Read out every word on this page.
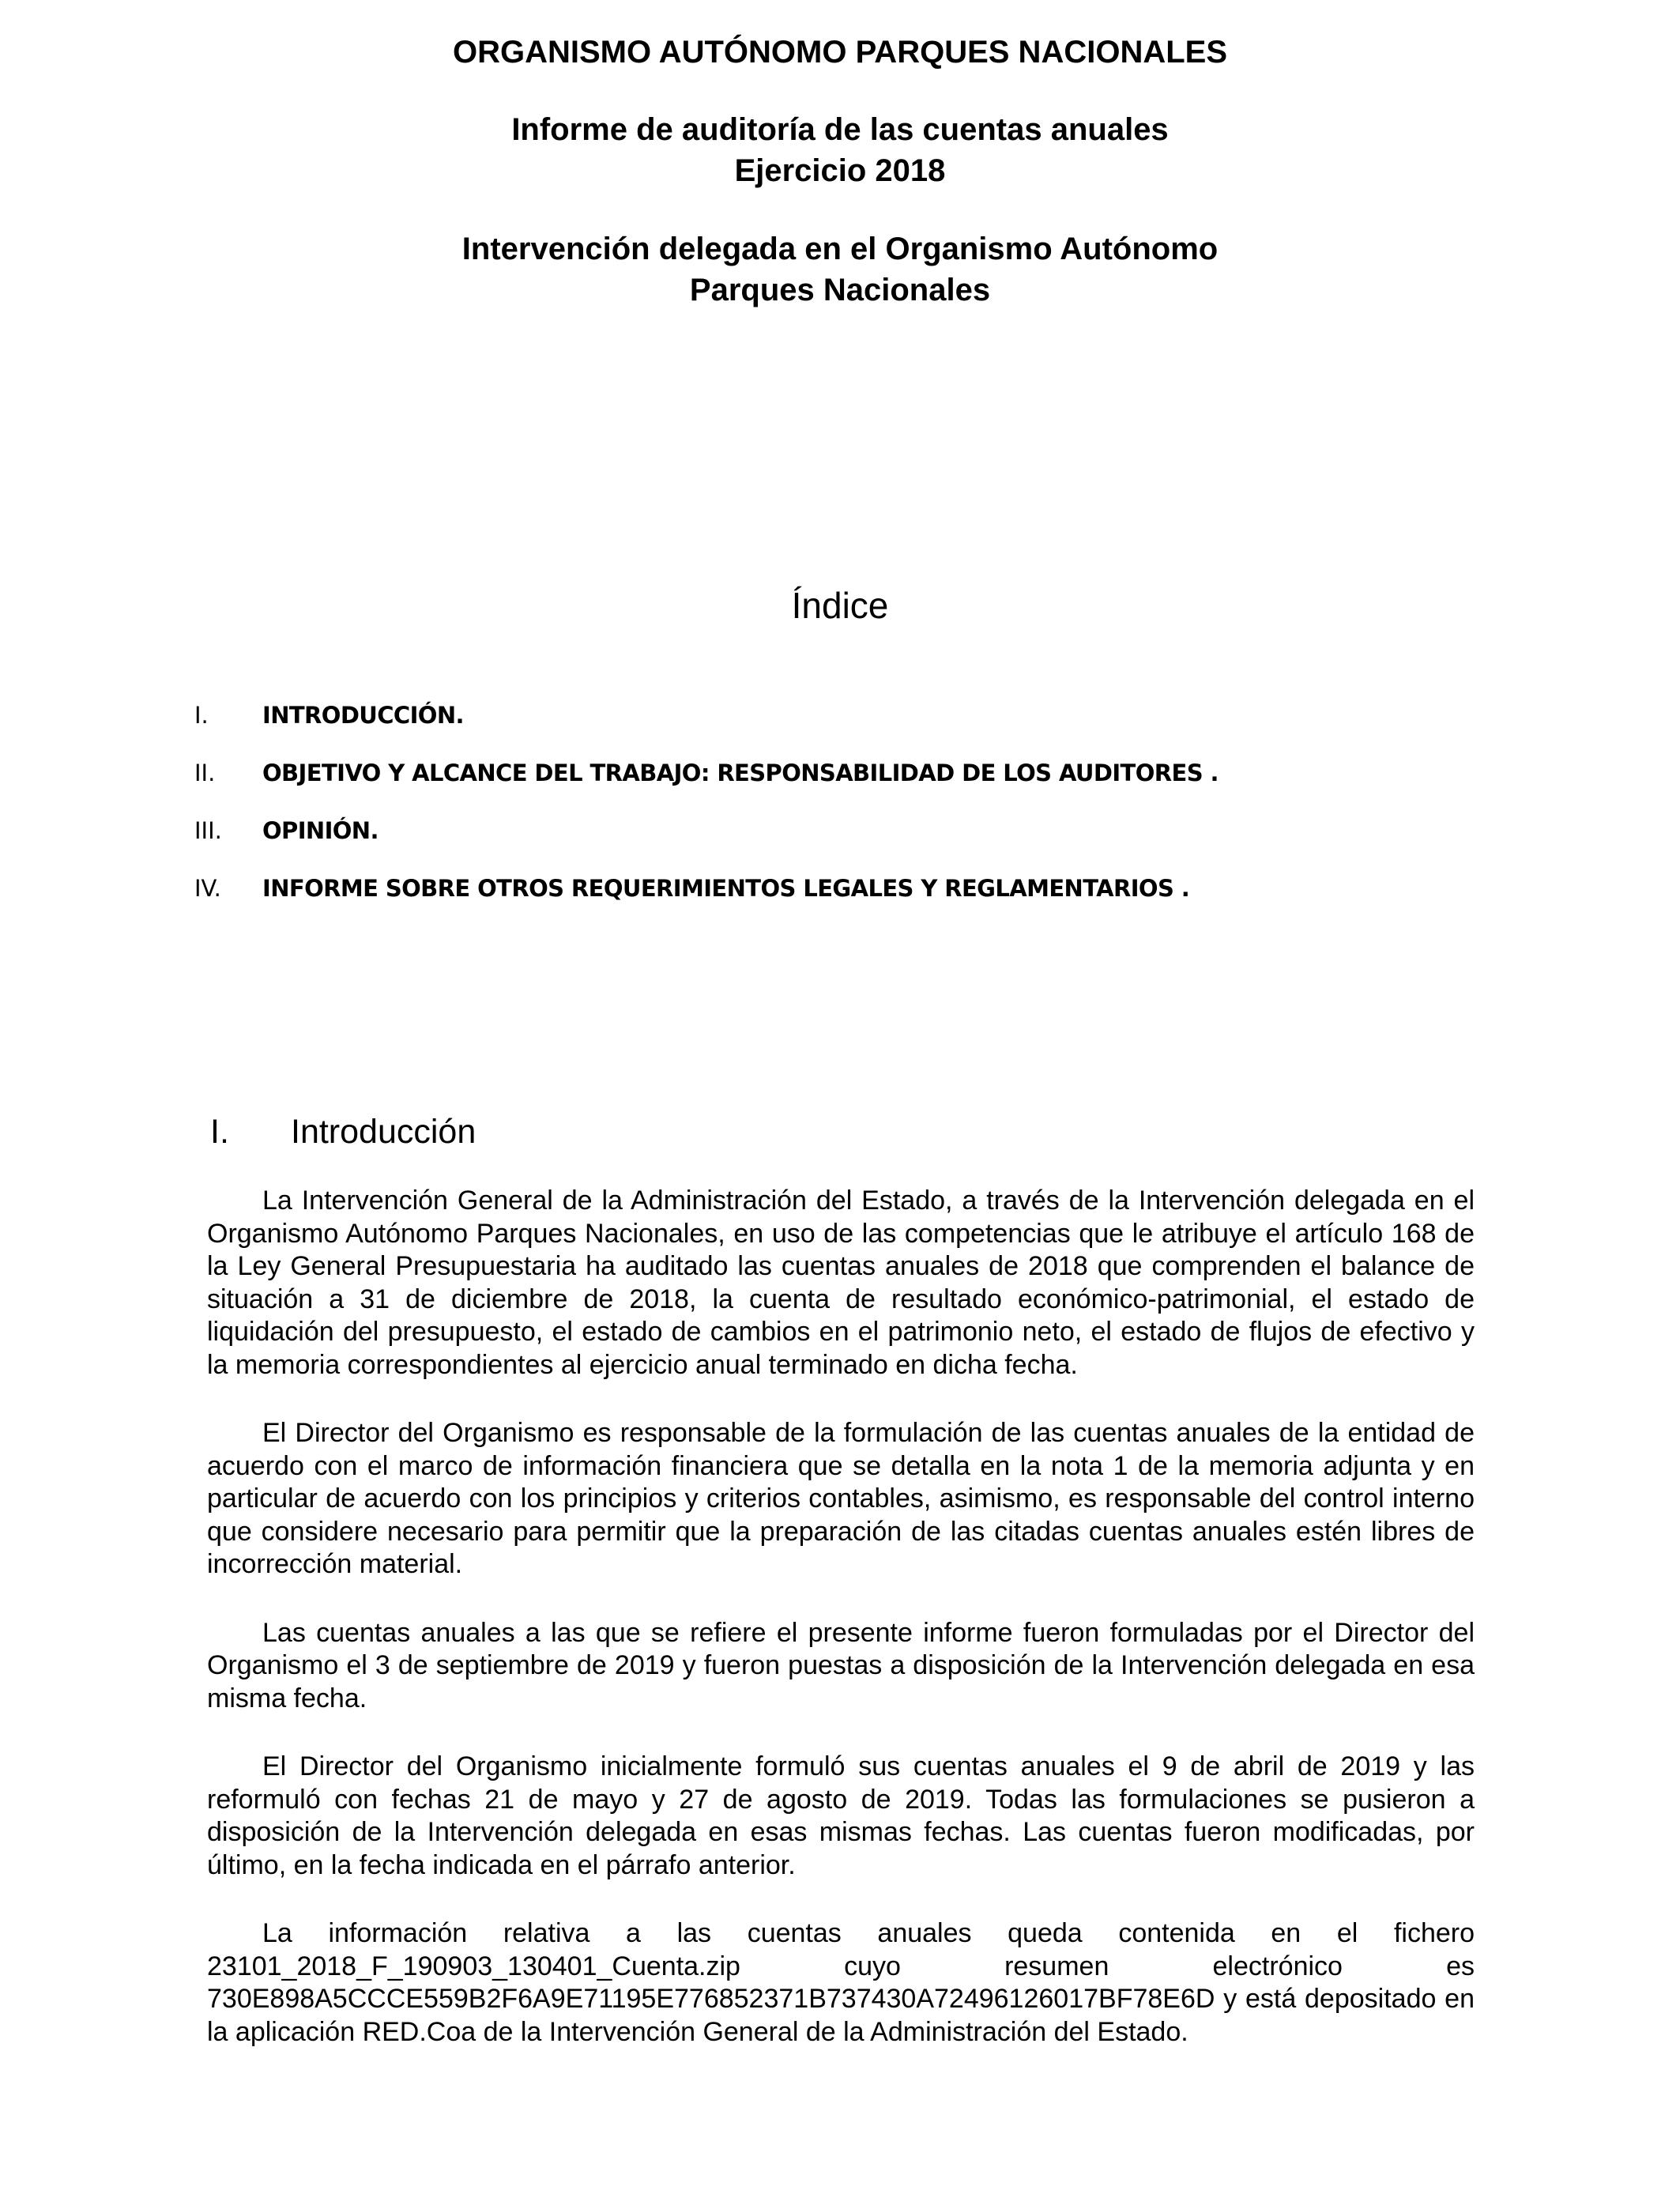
ORGANISMO AUTÓNOMO PARQUES NACIONALES
Informe de auditoría de las cuentas anuales
Ejercicio 2018
Intervención delegada en el Organismo Autónomo
Parques Nacionales
Índice
I. INTRODUCCIÓN.
II. OBJETIVO Y ALCANCE DEL TRABAJO: RESPONSABILIDAD DE LOS AUDITORES .
III. OPINIÓN.
IV. INFORME SOBRE OTROS REQUERIMIENTOS LEGALES Y REGLAMENTARIOS .
I. Introducción

La Intervención General de la Administración del Estado, a través de la Intervención delegada en el Organismo Autónomo Parques Nacionales, en uso de las competencias que le atribuye el artículo 168 de la Ley General Presupuestaria ha auditado las cuentas anuales de 2018 que comprenden el balance de situación a 31 de diciembre de 2018, la cuenta de resultado económico-patrimonial, el estado de liquidación del presupuesto, el estado de cambios en el patrimonio neto, el estado de flujos de efectivo y la memoria correspondientes al ejercicio anual terminado en dicha fecha.

El Director del Organismo es responsable de la formulación de las cuentas anuales de la entidad de acuerdo con el marco de información financiera que se detalla en la nota 1 de la memoria adjunta y en particular de acuerdo con los principios y criterios contables, asimismo, es responsable del control interno que considere necesario para permitir que la preparación de las citadas cuentas anuales estén libres de incorrección material.

Las cuentas anuales a las que se refiere el presente informe fueron formuladas por el Director del Organismo el 3 de septiembre de 2019 y fueron puestas a disposición de la Intervención delegada en esa misma fecha.

El Director del Organismo inicialmente formuló sus cuentas anuales el 9 de abril de 2019 y las reformuló con fechas 21 de mayo y 27 de agosto de 2019. Todas las formulaciones se pusieron a disposición de la Intervención delegada en esas mismas fechas. Las cuentas fueron modificadas, por último, en la fecha indicada en el párrafo anterior.

La información relativa a las cuentas anuales queda contenida en el fichero 23101_2018_F_190903_130401_Cuenta.zip cuyo resumen electrónico es 730E898A5CCCE559B2F6A9E71195E776852371B737430A72496126017BF78E6D y está depositado en la aplicación RED.Coa de la Intervención General de la Administración del Estado.
